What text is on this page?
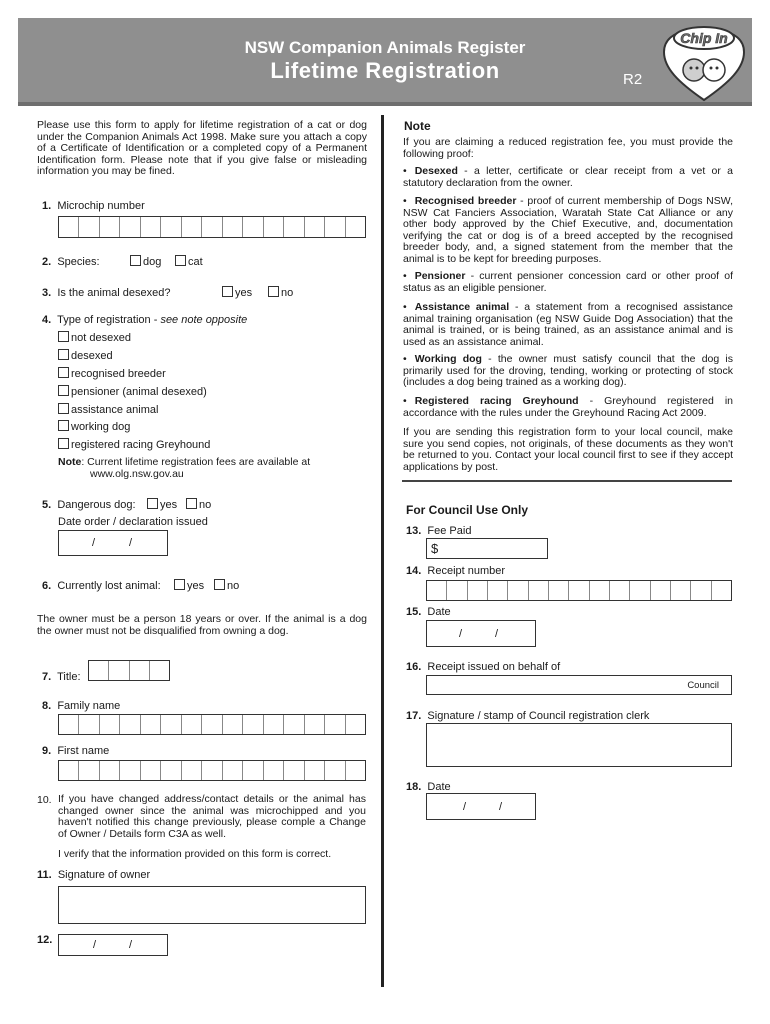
NSW Companion Animals Register
Lifetime Registration	R2
Chip In
Please use this form to apply for lifetime registration of a cat or dog under the Companion Animals Act 1998. Make sure you attach a copy of a Certificate of Identification or a completed copy of a Permanent Identification form. Please note that if you give false or misleading information you may be fined.
1. Microchip number
2. Species:	dog	cat
3. Is the animal desexed?	yes	no
4. Type of registration - see note opposite
not desexed
desexed
recognised breeder
pensioner (animal desexed)
assistance animal
working dog
registered racing Greyhound
Note: Current lifetime registration fees are available at
www.olg.nsw.gov.au
5. Dangerous dog:	yes	no
Date order / declaration issued
/	/
6. Currently lost animal:	yes	no
The owner must be a person 18 years or over. If the animal is a dog the owner must not be disqualified from owning a dog.
7. Title:
8. Family name
9. First name
10. If you have changed address/contact details or the animal has changed owner since the animal was microchipped and you haven't notified this change previously, please comple a Change of Owner / Details form C3A as well.
I verify that the information provided on this form is correct.
11. Signature of owner
12.	/	/
Note
If you are claiming a reduced registration fee, you must provide the following proof:
• Desexed - a letter, certificate or clear receipt from a vet or a statutory declaration from the owner.
• Recognised breeder - proof of current membership of Dogs NSW, NSW Cat Fanciers Association, Waratah State Cat Alliance or any other body approved by the Chief Executive, and, documentation verifying the cat or dog is of a breed accepted by the recognised breeder body, and, a signed statement from the member that the animal is to be kept for breeding purposes.
• Pensioner - current pensioner concession card or other proof of status as an eligible pensioner.
• Assistance animal - a statement from a recognised assistance animal training organisation (eg NSW Guide Dog Association) that the animal is trained, or is being trained, as an assistance animal and is used as an assistance animal.
• Working dog - the owner must satisfy council that the dog is primarily used for the droving, tending, working or protecting of stock (includes a dog being trained as a working dog).
• Registered racing Greyhound - Greyhound registered in accordance with the rules under the Greyhound Racing Act 2009.
If you are sending this registration form to your local council, make sure you send copies, not originals, of these documents as they won't be returned to you. Contact your local council first to see if they accept applications by post.
For Council Use Only
13. Fee Paid
$
14. Receipt number
15. Date
/	/
16. Receipt issued on behalf of
Council
17. Signature / stamp of Council registration clerk
18. Date
/	/
